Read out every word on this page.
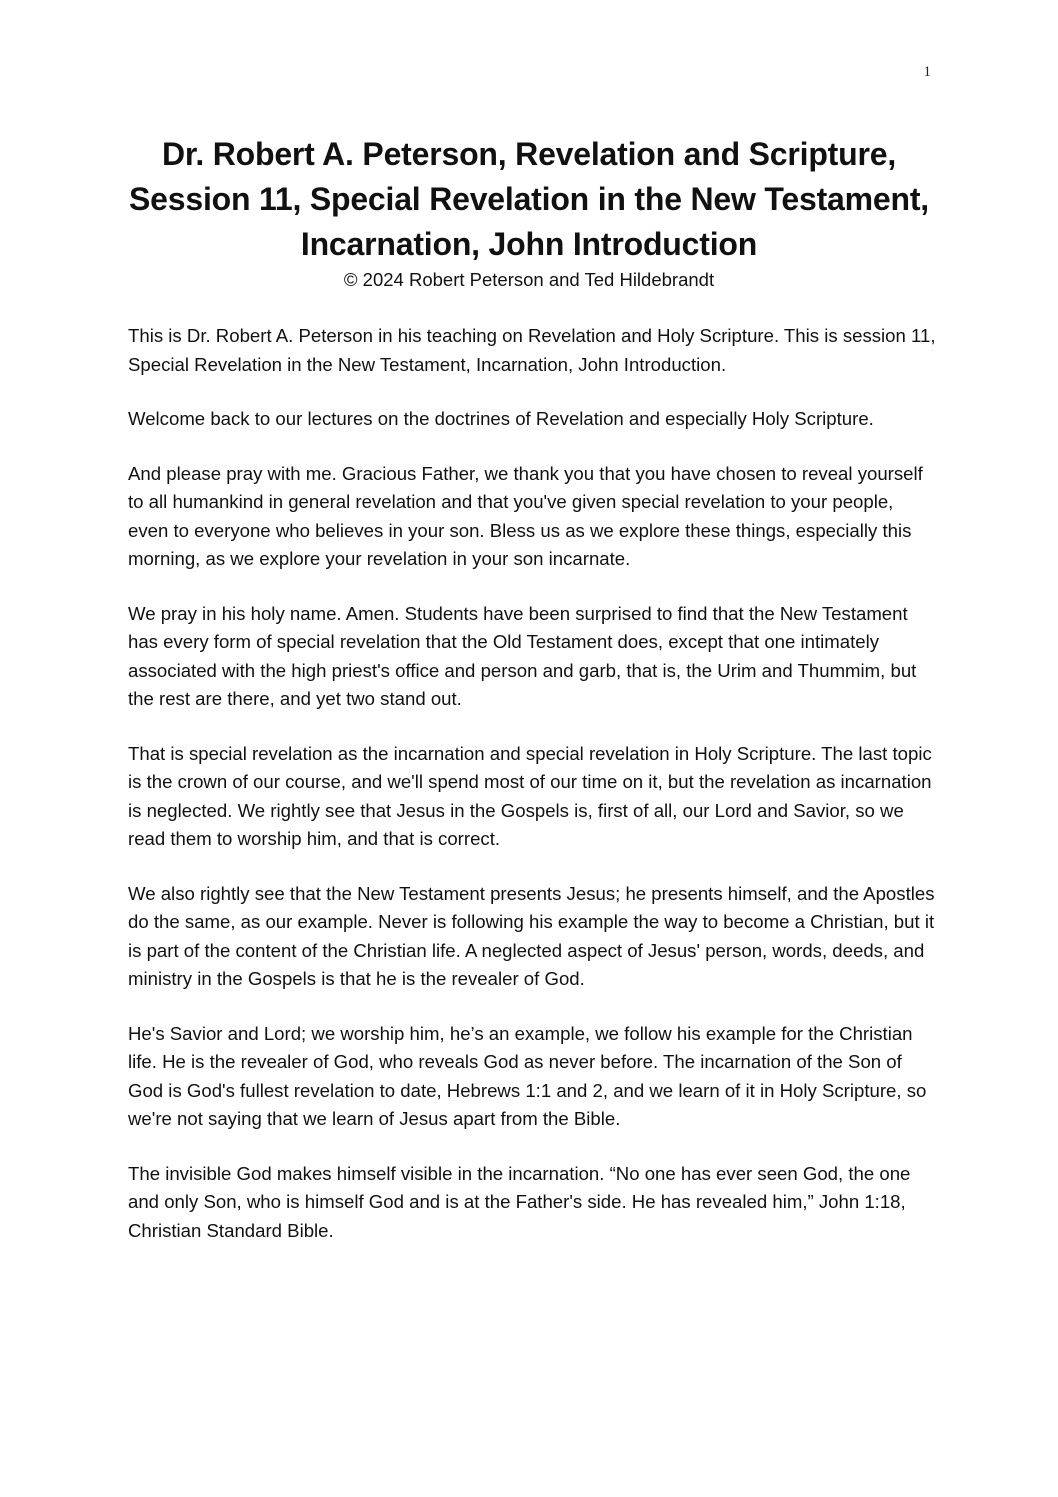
1
Dr. Robert A. Peterson, Revelation and Scripture, Session 11, Special Revelation in the New Testament, Incarnation, John Introduction
© 2024 Robert Peterson and Ted Hildebrandt

This is Dr. Robert A. Peterson in his teaching on Revelation and Holy Scripture. This is session 11, Special Revelation in the New Testament, Incarnation, John Introduction.

Welcome back to our lectures on the doctrines of Revelation and especially Holy Scripture.

And please pray with me. Gracious Father, we thank you that you have chosen to reveal yourself to all humankind in general revelation and that you've given special revelation to your people, even to everyone who believes in your son. Bless us as we explore these things, especially this morning, as we explore your revelation in your son incarnate.

We pray in his holy name. Amen. Students have been surprised to find that the New Testament has every form of special revelation that the Old Testament does, except that one intimately associated with the high priest's office and person and garb, that is, the Urim and Thummim, but the rest are there, and yet two stand out.

That is special revelation as the incarnation and special revelation in Holy Scripture. The last topic is the crown of our course, and we'll spend most of our time on it, but the revelation as incarnation is neglected. We rightly see that Jesus in the Gospels is, first of all, our Lord and Savior, so we read them to worship him, and that is correct.

We also rightly see that the New Testament presents Jesus; he presents himself, and the Apostles do the same, as our example. Never is following his example the way to become a Christian, but it is part of the content of the Christian life. A neglected aspect of Jesus' person, words, deeds, and ministry in the Gospels is that he is the revealer of God.

He's Savior and Lord; we worship him, he’s an example, we follow his example for the Christian life. He is the revealer of God, who reveals God as never before. The incarnation of the Son of God is God's fullest revelation to date, Hebrews 1:1 and 2, and we learn of it in Holy Scripture, so we're not saying that we learn of Jesus apart from the Bible.

The invisible God makes himself visible in the incarnation. “No one has ever seen God, the one and only Son, who is himself God and is at the Father's side. He has revealed him,” John 1:18, Christian Standard Bible.
